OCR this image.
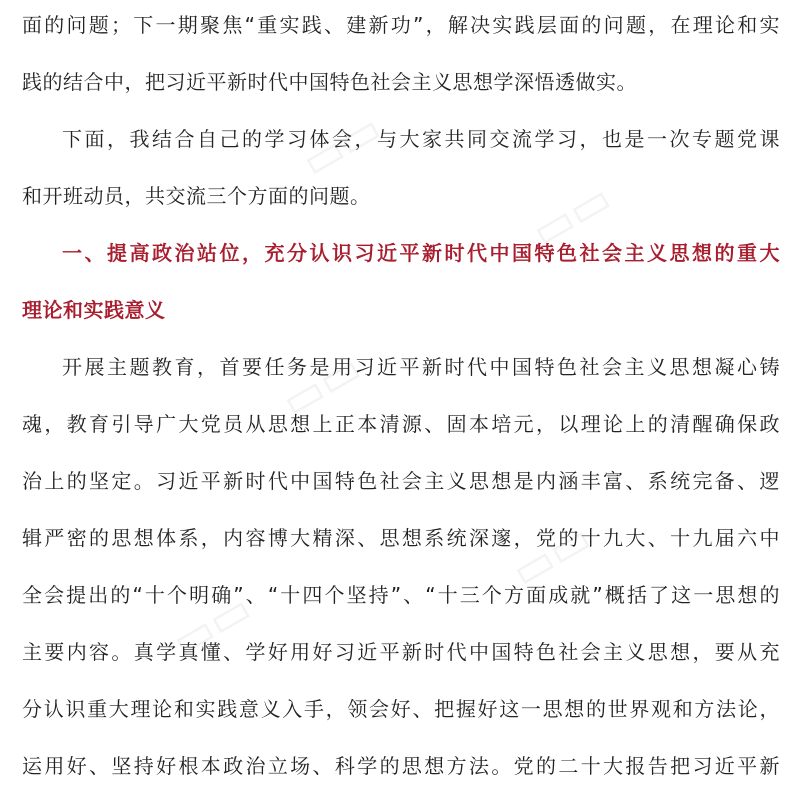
面的问题；下一期聚焦“重实践、建新功”，解决实践层面的问题，在理论和实
践的结合中，把习近平新时代中国特色社会主义思想学深悟透做实。
下面，我结合自己的学习体会，与大家共同交流学习，也是一次专题党课
和开班动员，共交流三个方面的问题。
一、提高政治站位，充分认识习近平新时代中国特色社会主义思想的重大
理论和实践意义
开展主题教育，首要任务是用习近平新时代中国特色社会主义思想凝心铸
魂，教育引导广大党员从思想上正本清源、固本培元，以理论上的清醒确保政
治上的坚定。习近平新时代中国特色社会主义思想是内涵丰富、系统完备、逻
辑严密的思想体系，内容博大精深、思想系统深邃，党的十九大、十九届六中
全会提出的“十个明确”、“十四个坚持”、“十三个方面成就”概括了这一思想的
主要内容。真学真懂、学好用好习近平新时代中国特色社会主义思想，要从充
分认识重大理论和实践意义入手，领会好、把握好这一思想的世界观和方法论，
运用好、坚持好根本政治立场、科学的思想方法。党的二十大报告把习近平新
▭▭
▭▭
▭▭
▭▭
▭▭
